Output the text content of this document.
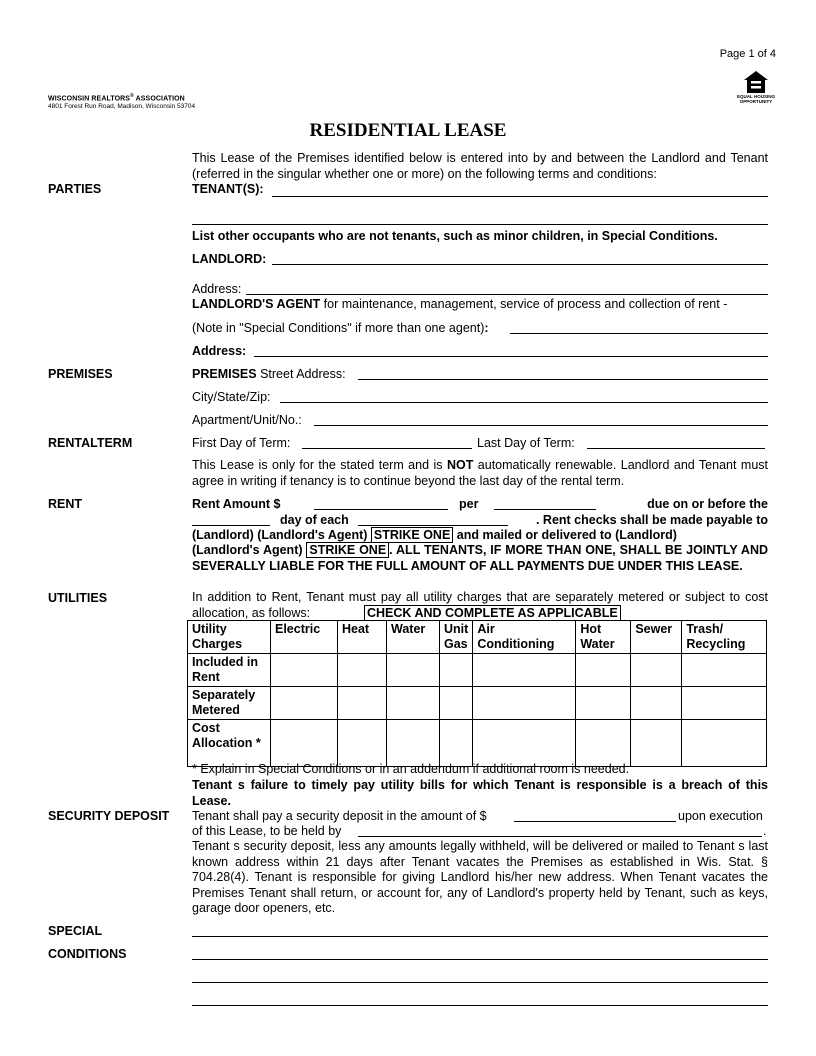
Page 1 of 4
WISCONSIN REALTORS® ASSOCIATION
4801 Forest Run Road, Madison, Wisconsin 53704
EQUAL HOUSING
OPPORTUNITY
RESIDENTIAL LEASE
This Lease of the Premises identified below is entered into by and between the Landlord and Tenant (referred in the singular whether one or more) on the following terms and conditions:
PARTIES	TENANT(S):
List other occupants who are not tenants, such as minor children, in Special Conditions.
LANDLORD:
Address:
LANDLORD'S AGENT for maintenance, management, service of process and collection of rent -
(Note in "Special Conditions" if more than one agent):
Address:
PREMISES	PREMISES Street Address:
City/State/Zip:
Apartment/Unit/No.:
RENTALTERM	First Day of Term:	Last Day of Term:
This Lease is only for the stated term and is NOT automatically renewable. Landlord and Tenant must agree in writing if tenancy is to continue beyond the last day of the rental term.
RENT	Rent Amount $	per	due on or before the
day of each	. Rent checks shall be made payable to
(Landlord) (Landlord's Agent) STRIKE ONE and mailed or delivered to (Landlord)
(Landlord's Agent) STRIKE ONE . ALL TENANTS, IF MORE THAN ONE, SHALL BE JOINTLY AND SEVERALLY LIABLE FOR THE FULL AMOUNT OF ALL PAYMENTS DUE UNDER THIS LEASE.
UTILITIES	In addition to Rent, Tenant must pay all utility charges that are separately metered or subject to cost allocation, as follows:	CHECK AND COMPLETE AS APPLICABLE
Utility Charges	Electric	Heat	Water	Unit Gas	Air Conditioning	Hot Water	Sewer	Trash/ Recycling
Included in Rent								
Separately Metered								
Cost Allocation *								
* Explain in Special Conditions or in an addendum if additional room is needed.
Tenant s failure to timely pay utility bills for which Tenant is responsible is a breach of this Lease.
SECURITY DEPOSIT Tenant shall pay a security deposit in the amount of $	upon execution
of this Lease, to be held by	.
Tenant s security deposit, less any amounts legally withheld, will be delivered or mailed to Tenant s last known address within 21 days after Tenant vacates the Premises as established in Wis. Stat. § 704.28(4). Tenant is responsible for giving Landlord his/her new address. When Tenant vacates the Premises Tenant shall return, or account for, any of Landlord's property held by Tenant, such as keys, garage door openers, etc.
SPECIAL
CONDITIONS
